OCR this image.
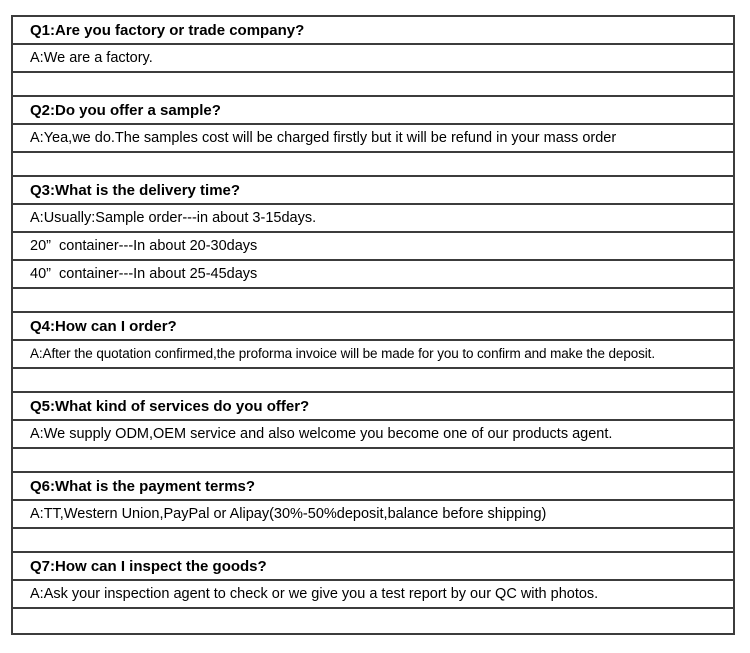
Q1:Are you factory or trade company?
A:We are a factory.
Q2:Do you offer a sample?
A:Yea,we do.The samples cost will be charged firstly but it will be refund in your mass order
Q3:What is the delivery time?
A:Usually:Sample order---in about 3-15days.
20”  container---In about 20-30days
40”  container---In about 25-45days
Q4:How can I order?
A:After the quotation confirmed,the proforma invoice will be made for you to confirm and make the deposit.
Q5:What kind of services do you offer?
A:We supply ODM,OEM service and also welcome you become one of our products agent.
Q6:What is the payment terms?
A:TT,Western Union,PayPal or Alipay(30%-50%deposit,balance before shipping)
Q7:How can I inspect the goods?
A:Ask your inspection agent to check or we give you a test report by our QC with photos.
